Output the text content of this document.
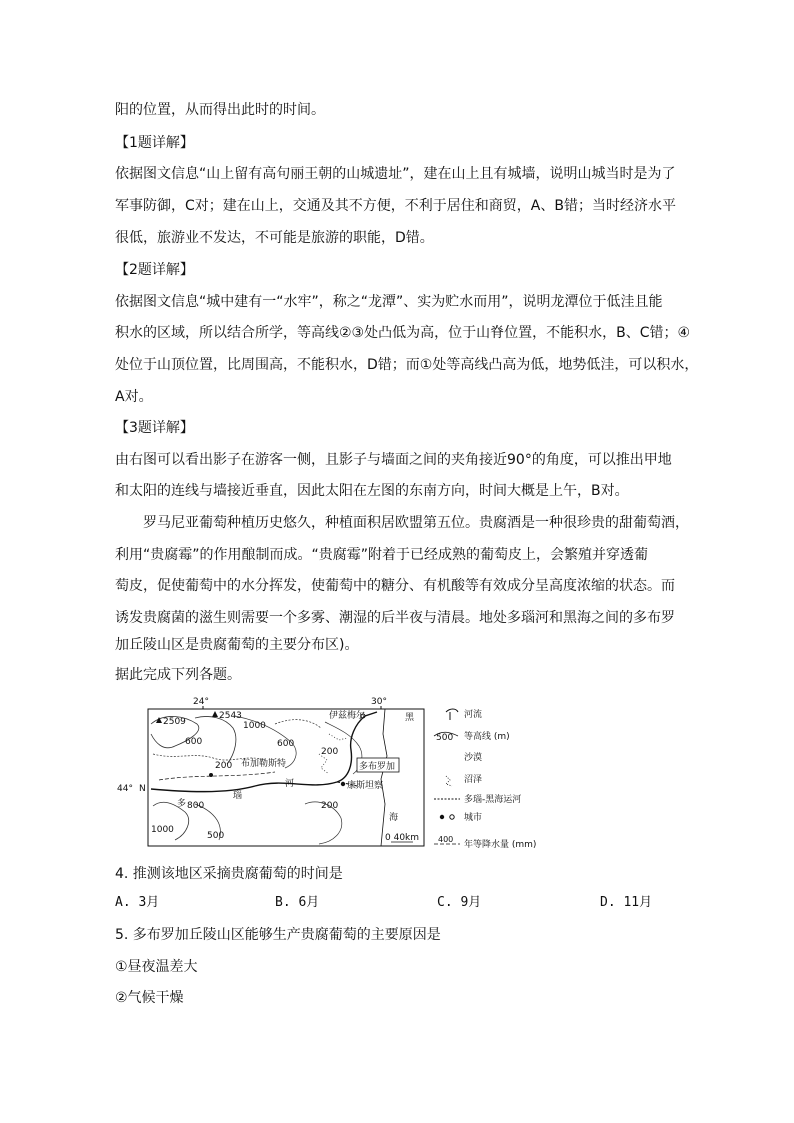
阳的位置，从而得出此时的时间。
【1题详解】
依据图文信息“山上留有高句丽王朝的山城遗址”，建在山上且有城墙，说明山城当时是为了
军事防御，C对；建在山上，交通及其不方便，不利于居住和商贸，A、B错；当时经济水平
很低，旅游业不发达，不可能是旅游的职能，D错。
【2题详解】
依据图文信息“城中建有一“水牢”，称之“龙潭”、实为贮水而用”，说明龙潭位于低洼且能
积水的区域，所以结合所学，等高线②③处凸低为高，位于山脊位置，不能积水，B、C错；④
处位于山顶位置，比周围高，不能积水，D错；而①处等高线凸高为低，地势低洼，可以积水，
A对。
【3题详解】
由右图可以看出影子在游客一侧，且影子与墙面之间的夹角接近90°的角度，可以推出甲地
和太阳的连线与墙接近垂直，因此太阳在左图的东南方向，时间大概是上午，B对。
罗马尼亚葡萄种植历史悠久，种植面积居欧盟第五位。贵腐酒是一种很珍贵的甜葡萄酒，
利用“贵腐霉”的作用酿制而成。“贵腐霉”附着于已经成熟的葡萄皮上，会繁殖并穿透葡
萄皮，促使葡萄中的水分挥发，使葡萄中的糖分、有机酸等有效成分呈高度浓缩的状态。而
诱发贵腐菌的滋生则需要一个多雾、潮湿的后半夜与清晨。地处多瑙河和黑海之间的多布罗
加丘陵山区是贵腐葡萄的主要分布区)。
据此完成下列各题。
24°	30°
44° N
2509
2543
1000
600
200
600
200
200
800
500
1000
布加勒斯特
伊兹梅尔
多布罗加
康斯坦察
河
多
瑙
黑
海
0 40km
河流
500 等高线 (m)
沙漠
沼泽
多瑙-黑海运河
城市
400
年等降水量 (mm)
4. 推测该地区采摘贵腐葡萄的时间是
A. 3月	B. 6月	C. 9月	D. 11月
5. 多布罗加丘陵山区能够生产贵腐葡萄的主要原因是
①昼夜温差大
②气候干燥
